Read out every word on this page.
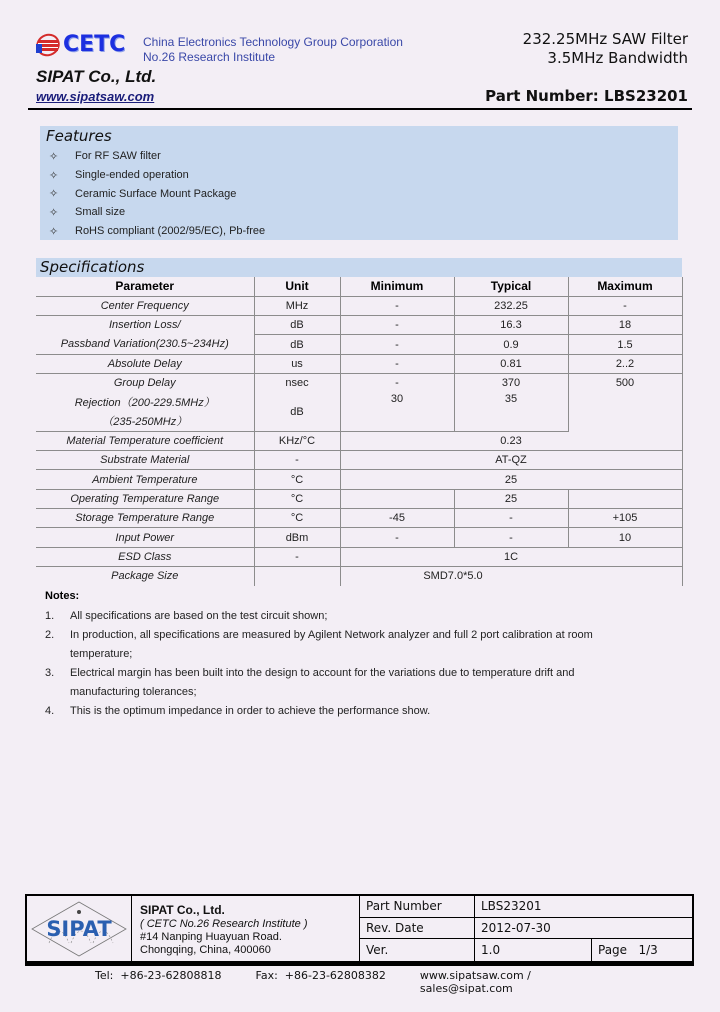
CETC China Electronics Technology Group Corporation
No.26 Research Institute
SIPAT Co., Ltd.
www.sipatsaw.com
232.25MHz SAW Filter
3.5MHz Bandwidth
Part Number: LBS23201
Features
✧	For RF SAW filter
✧	Single-ended operation
✧	Ceramic Surface Mount Package
✧	Small size
✧	RoHS compliant (2002/95/EC), Pb-free
Specifications
Parameter	Unit	Minimum	Typical	Maximum
Center Frequency	MHz	-	232.25	-
Insertion Loss/	dB	-	16.3	18
Passband Variation(230.5~234Hz)	dB	-	0.9	1.5
Absolute Delay	us	-	0.81	2..2
Group Delay	nsec	-	370	500
Rejection（200-229.5MHz）	dB	30	35	
（235-250MHz）				
Material Temperature coefficient	KHz/°C	0.23		
Substrate Material	-	AT-QZ		
Ambient Temperature	°C	25		
Operating Temperature Range	°C		25	
Storage Temperature Range	°C	-45	-	+105
Input Power	dBm	-	-	10
ESD Class	-	1C		
Package Size		SMD7.0*5.0		
Notes:
1.	All specifications are based on the test circuit shown;
2.	In production, all specifications are measured by Agilent Network analyzer and full 2 port calibration at room temperature;
3.	Electrical margin has been built into the design to account for the variations due to temperature drift and manufacturing tolerances;
4.	This is the optimum impedance in order to achieve the performance show.
SIPAT
SIPAT Co., Ltd.
( CETC No.26 Research Institute )
#14 Nanping Huayuan Road.
Chongqing, China, 400060
Part Number	LBS23201
Rev. Date	2012-07-30
Ver.	1.0	Page   1/3
Tel:  +86-23-62808818	Fax:  +86-23-62808382	www.sipatsaw.com / sales@sipat.com
